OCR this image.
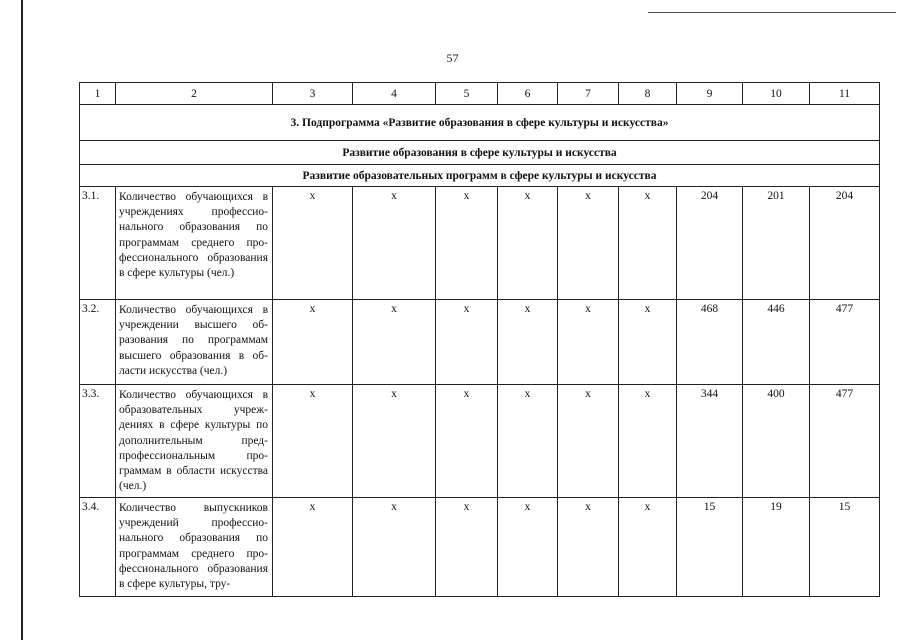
57
1	2	3	4	5	6	7	8	9	10	11
3. Подпрограмма «Развитие образования в сфере культуры и искусства»										
Развитие образования в сфере культуры и искусства										
Развитие образовательных программ в сфере культуры и искусства										
3.1.	Количество обучающихся в учреждениях профессионального образования по программам среднего профессионального образования в сфере культуры (чел.)	х	х	х	х	х	х	204	201	204
3.2.	Количество обучающихся в учреждении высшего образования по программам высшего образования в области искусства (чел.)	х	х	х	х	х	х	468	446	477
3.3.	Количество обучающихся в образовательных учреждениях в сфере культуры по дополнительным предпрофессиональным программам в области искусства (чел.)	х	х	х	х	х	х	344	400	477
3.4.	Количество выпускников учреждений профессионального образования по программам среднего профессионального образования в сфере культуры, тру-	х	х	х	х	х	х	15	19	15
